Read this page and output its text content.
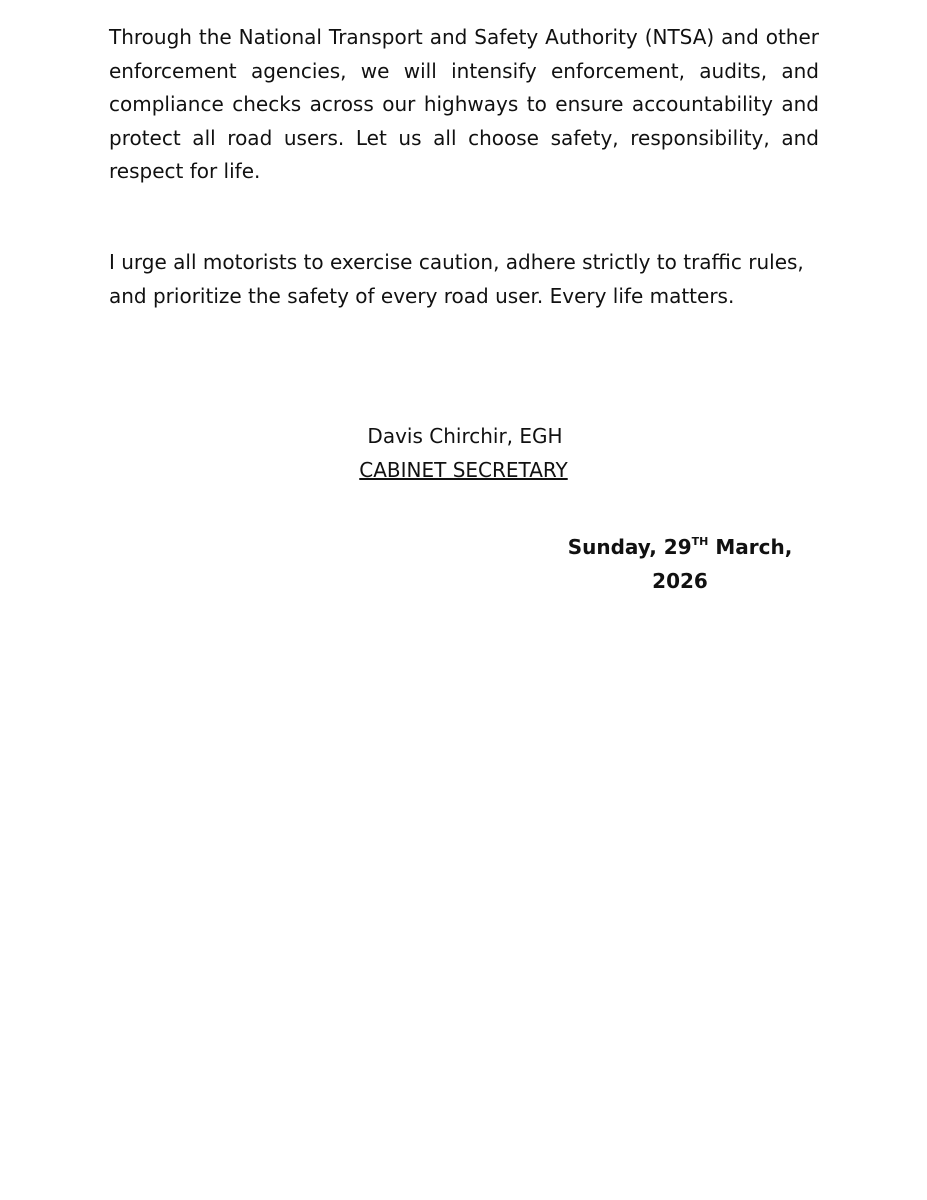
Through the National Transport and Safety Authority (NTSA) and other enforcement agencies, we will intensify enforcement, audits, and compliance checks across our highways to ensure accountability and protect all road users. Let us all choose safety, responsibility, and respect for life.

I urge all motorists to exercise caution, adhere strictly to traffic rules, and prioritize the safety of every road user. Every life matters.

Davis Chirchir, EGH
CABINET SECRETARY
Sunday, 29TH March,
2026
